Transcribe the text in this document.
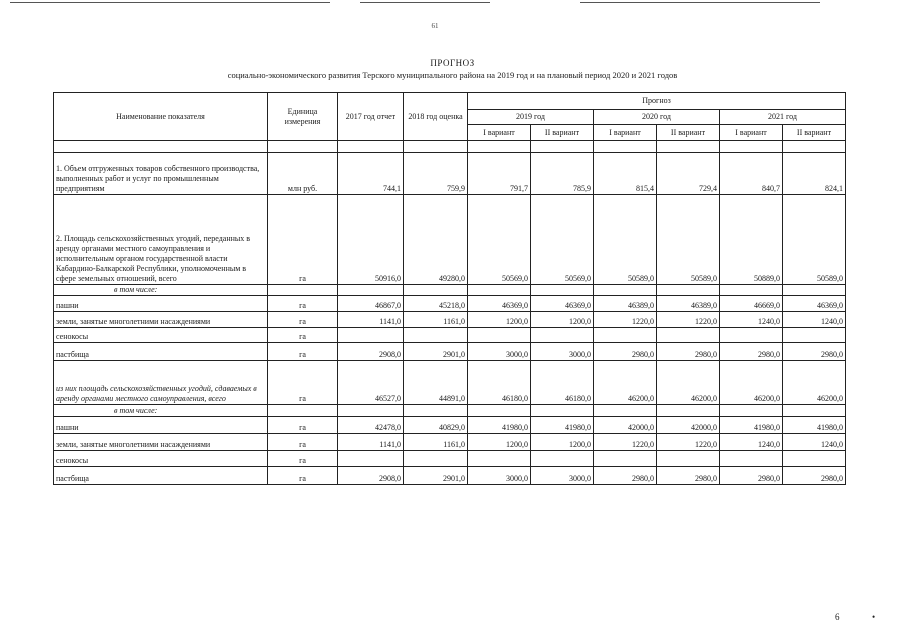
61
ПРОГНОЗ
социально-экономического развития Терского муниципального района на 2019 год и на плановый период 2020 и 2021 годов
Наименование показателя	Единица измерения	2017 год отчет	2018 год оценка	Прогноз					
				2019 год		2020 год		2021 год	
				I вариант	II вариант	I вариант	II вариант	I вариант	II вариант

1. Объем отгруженных товаров собственного производства, выполненных работ и услуг по промышленным предприятиям	млн руб.	744,1	759,9	791,7	785,9	815,4	729,4	840,7	824,1
2. Площадь сельскохозяйственных угодий, переданных в аренду органами местного самоуправления и исполнительным органом государственной власти Кабардино-Балкарской Республики, уполномоченным в сфере земельных отношений, всего	га	50916,0	49280,0	50569,0	50569,0	50589,0	50589,0	50889,0	50589,0
в том числе:									
пашни	га	46867,0	45218,0	46369,0	46369,0	46389,0	46389,0	46669,0	46369,0
земли, занятые многолетними насаждениями	га	1141,0	1161,0	1200,0	1200,0	1220,0	1220,0	1240,0	1240,0
сенокосы	га								
пастбища	га	2908,0	2901,0	3000,0	3000,0	2980,0	2980,0	2980,0	2980,0
из них площадь сельскохозяйственных угодий, сдаваемых в аренду органами местного самоуправления, всего	га	46527,0	44891,0	46180,0	46180,0	46200,0	46200,0	46200,0	46200,0
в том числе:									
пашни	га	42478,0	40829,0	41980,0	41980,0	42000,0	42000,0	41980,0	41980,0
земли, занятые многолетними насаждениями	га	1141,0	1161,0	1200,0	1200,0	1220,0	1220,0	1240,0	1240,0
сенокосы	га								
пастбища	га	2908,0	2901,0	3000,0	3000,0	2980,0	2980,0	2980,0	2980,0
6	•
